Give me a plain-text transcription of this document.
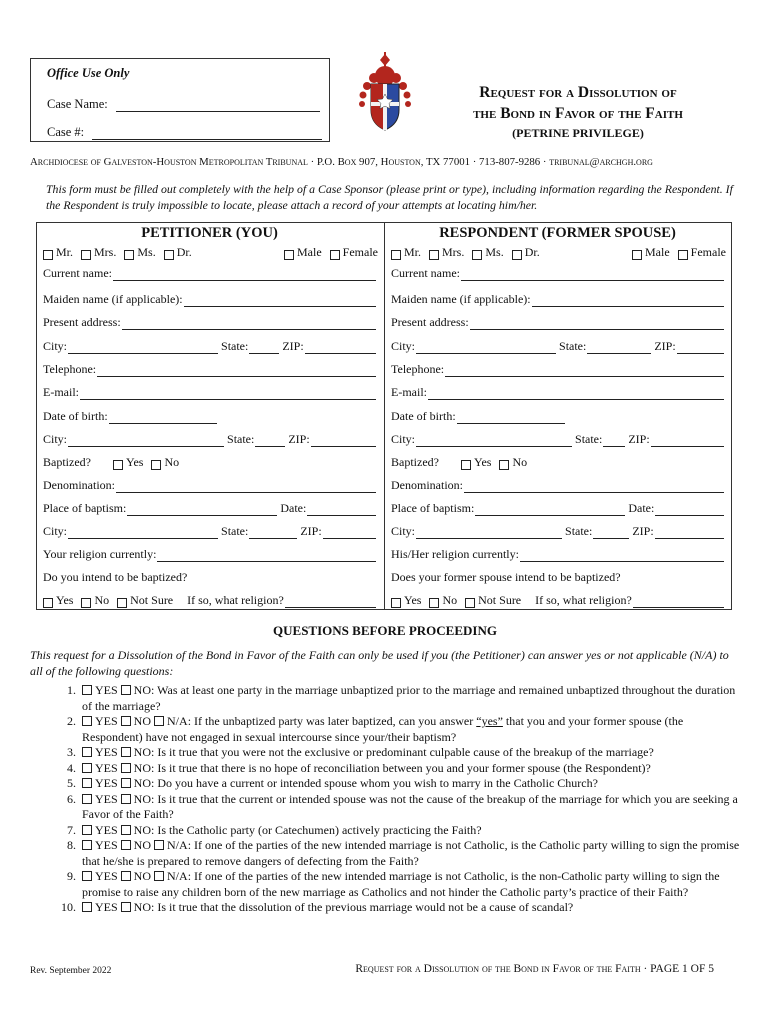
Office Use Only
Case Name:
Case #:
Request for a Dissolution of
the Bond in Favor of the Faith
(PETRINE PRIVILEGE)
Archdiocese of Galveston-Houston Metropolitan Tribunal · P.O. Box 907, Houston, TX 77001 · 713-807-9286 · tribunal@archgh.org
This form must be filled out completely with the help of a Case Sponsor (please print or type), including information regarding the Respondent. If the Respondent is truly impossible to locate, please attach a record of your attempts at locating him/her.
PETITIONER (YOU)
Mr. Mrs. Ms. Dr.	Male Female
Current name:
Maiden name (if applicable):
Present address:
City:	State:	ZIP:
Telephone:
E-mail:
Date of birth:
City:	State:	ZIP:
Baptized?	Yes No
Denomination:
Place of baptism:	Date:
City:	State:	ZIP:
Your religion currently:
Do you intend to be baptized?
Yes No Not Sure If so, what religion?
RESPONDENT (FORMER SPOUSE)
Mr. Mrs. Ms. Dr.	Male Female
Current name:
Maiden name (if applicable):
Present address:
City:	State:	ZIP:
Telephone:
E-mail:
Date of birth:
City:	State: ZIP:
Baptized?	Yes No
Denomination:
Place of baptism:	Date:
City:	State:	ZIP:
His/Her religion currently:
Does your former spouse intend to be baptized?
Yes No Not Sure If so, what religion?
QUESTIONS BEFORE PROCEEDING
This request for a Dissolution of the Bond in Favor of the Faith can only be used if you (the Petitioner) can answer yes or not applicable (N/A) to all of the following questions:
1.	YES NO: Was at least one party in the marriage unbaptized prior to the marriage and remained unbaptized throughout the duration of the marriage?
2.	YES NO N/A: If the unbaptized party was later baptized, can you answer “yes” that you and your former spouse (the Respondent) have not engaged in sexual intercourse since your/their baptism?
3.	YES NO: Is it true that you were not the exclusive or predominant culpable cause of the breakup of the marriage?
4.	YES NO: Is it true that there is no hope of reconciliation between you and your former spouse (the Respondent)?
5.	YES NO: Do you have a current or intended spouse whom you wish to marry in the Catholic Church?
6.	YES NO: Is it true that the current or intended spouse was not the cause of the breakup of the marriage for which you are seeking a Favor of the Faith?
7.	YES NO: Is the Catholic party (or Catechumen) actively practicing the Faith?
8.	YES NO N/A: If one of the parties of the new intended marriage is not Catholic, is the Catholic party willing to sign the promise that he/she is prepared to remove dangers of defecting from the Faith?
9.	YES NO N/A: If one of the parties of the new intended marriage is not Catholic, is the non-Catholic party willing to sign the promise to raise any children born of the new marriage as Catholics and not hinder the Catholic party’s practice of their Faith?
10.	YES NO: Is it true that the dissolution of the previous marriage would not be a cause of scandal?
Rev. September 2022	Request for a Dissolution of the Bond in Favor of the Faith · PAGE 1 OF 5
